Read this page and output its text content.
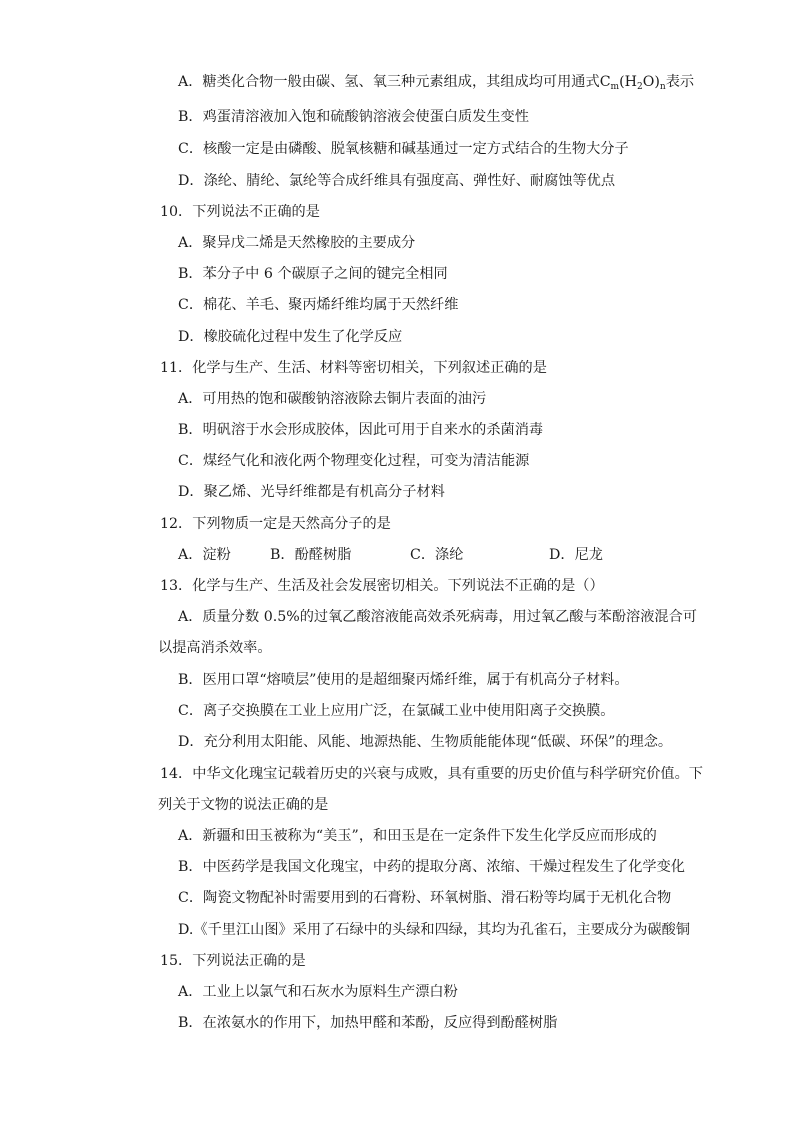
A．糖类化合物一般由碳、氢、氧三种元素组成，其组成均可用通式$C_m(H_2O)_n$表示
B．鸡蛋清溶液加入饱和硫酸钠溶液会使蛋白质发生变性
C．核酸一定是由磷酸、脱氧核糖和碱基通过一定方式结合的生物大分子
D．涤纶、腈纶、氯纶等合成纤维具有强度高、弹性好、耐腐蚀等优点
10．下列说法不正确的是
A．聚异戊二烯是天然橡胶的主要成分
B．苯分子中 6 个碳原子之间的键完全相同
C．棉花、羊毛、聚丙烯纤维均属于天然纤维
D．橡胶硫化过程中发生了化学反应
11．化学与生产、生活、材料等密切相关，下列叙述正确的是
A．可用热的饱和碳酸钠溶液除去铜片表面的油污
B．明矾溶于水会形成胶体，因此可用于自来水的杀菌消毒
C．煤经气化和液化两个物理变化过程，可变为清洁能源
D．聚乙烯、光导纤维都是有机高分子材料
12．下列物质一定是天然高分子的是
A．淀粉	B．酚醛树脂	C．涤纶	D．尼龙
13．化学与生产、生活及社会发展密切相关。下列说法不正确的是（）
A．质量分数 0.5%的过氧乙酸溶液能高效杀死病毒，用过氧乙酸与苯酚溶液混合可
以提高消杀效率。
B．医用口罩“熔喷层”使用的是超细聚丙烯纤维，属于有机高分子材料。
C．离子交换膜在工业上应用广泛，在氯碱工业中使用阳离子交换膜。
D．充分利用太阳能、风能、地源热能、生物质能能体现“低碳、环保”的理念。
14．中华文化瑰宝记载着历史的兴衰与成败，具有重要的历史价值与科学研究价值。下
列关于文物的说法正确的是
A．新疆和田玉被称为“美玉”，和田玉是在一定条件下发生化学反应而形成的
B．中医药学是我国文化瑰宝，中药的提取分离、浓缩、干燥过程发生了化学变化
C．陶瓷文物配补时需要用到的石膏粉、环氧树脂、滑石粉等均属于无机化合物
D.《千里江山图》采用了石绿中的头绿和四绿，其均为孔雀石，主要成分为碳酸铜
15．下列说法正确的是
A．工业上以氯气和石灰水为原料生产漂白粉
B．在浓氨水的作用下，加热甲醛和苯酚，反应得到酚醛树脂
